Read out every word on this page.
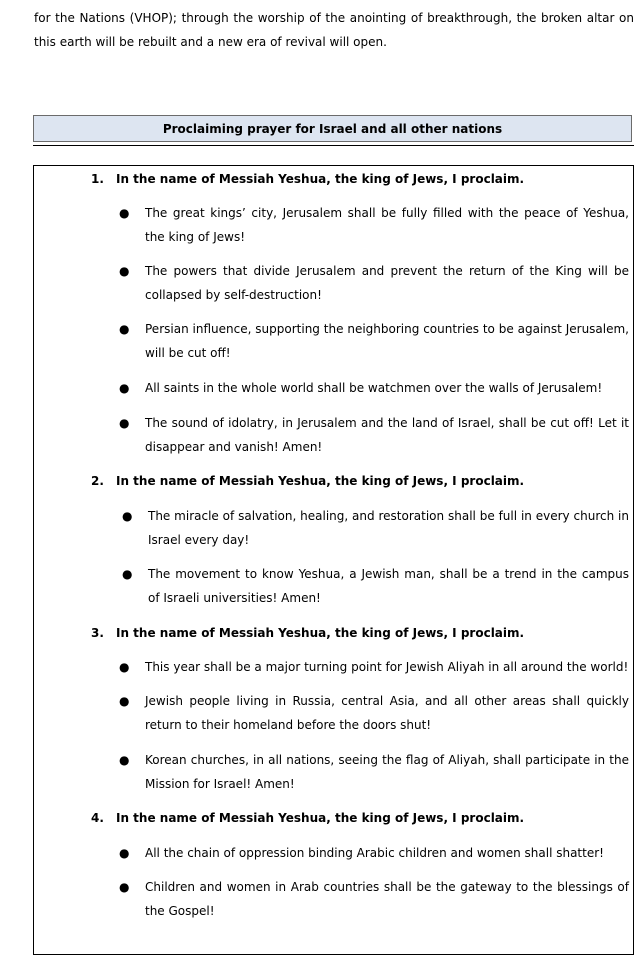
for the Nations (VHOP); through the worship of the anointing of breakthrough, the broken altar on this earth will be rebuilt and a new era of revival will open.
Proclaiming prayer for Israel and all other nations
1. In the name of Messiah Yeshua, the king of Jews, I proclaim.
●	The great kings’ city, Jerusalem shall be fully filled with the peace of Yeshua, the king of Jews!
●	The powers that divide Jerusalem and prevent the return of the King will be collapsed by self-destruction!
●	Persian influence, supporting the neighboring countries to be against Jerusalem, will be cut off!
●	All saints in the whole world shall be watchmen over the walls of Jerusalem!
●	The sound of idolatry, in Jerusalem and the land of Israel, shall be cut off! Let it disappear and vanish! Amen!
2. In the name of Messiah Yeshua, the king of Jews, I proclaim.
●	The miracle of salvation, healing, and restoration shall be full in every church in Israel every day!
●	The movement to know Yeshua, a Jewish man, shall be a trend in the campus of Israeli universities! Amen!
3. In the name of Messiah Yeshua, the king of Jews, I proclaim.
●	This year shall be a major turning point for Jewish Aliyah in all around the world!
●	Jewish people living in Russia, central Asia, and all other areas shall quickly return to their homeland before the doors shut!
●	Korean churches, in all nations, seeing the flag of Aliyah, shall participate in the Mission for Israel! Amen!
4. In the name of Messiah Yeshua, the king of Jews, I proclaim.
●	All the chain of oppression binding Arabic children and women shall shatter!
●	Children and women in Arab countries shall be the gateway to the blessings of the Gospel!
